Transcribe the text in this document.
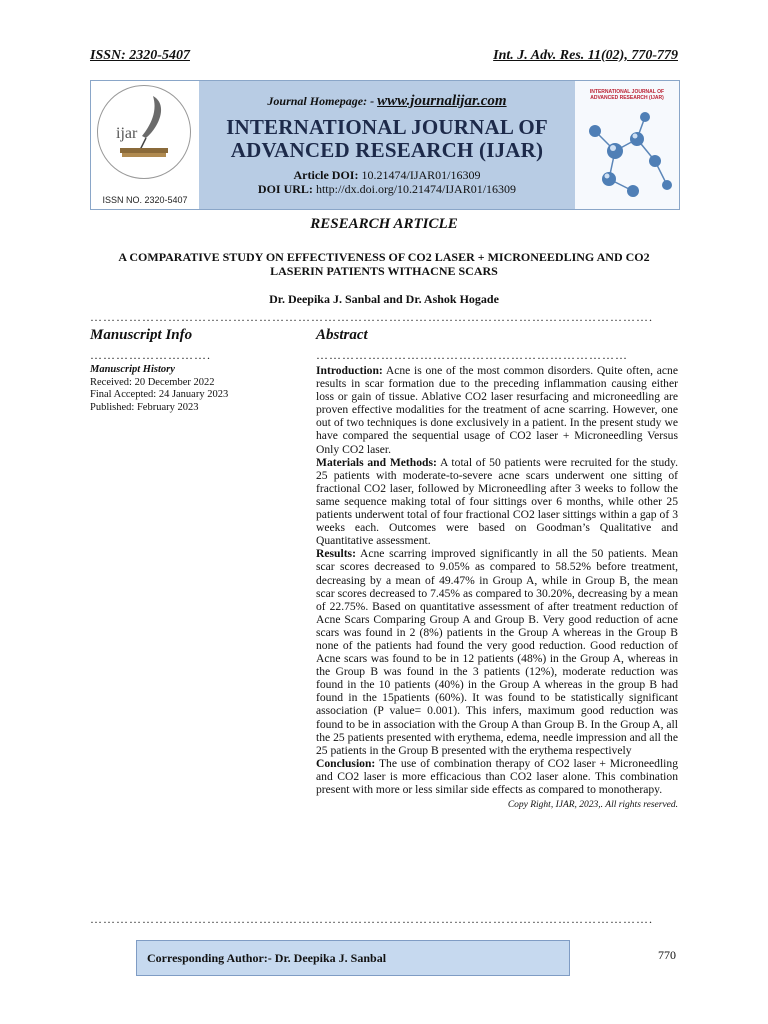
ISSN: 2320-5407	Int. J. Adv. Res. 11(02), 770-779
ijar
ISSN NO. 2320-5407
Journal Homepage: - www.journalijar.com
INTERNATIONAL JOURNAL OF
ADVANCED RESEARCH (IJAR)
Article DOI: 10.21474/IJAR01/16309
DOI URL: http://dx.doi.org/10.21474/IJAR01/16309
INTERNATIONAL JOURNAL OF ADVANCED RESEARCH (IJAR)
RESEARCH ARTICLE
A COMPARATIVE STUDY ON EFFECTIVENESS OF CO2 LASER + MICRONEEDLING AND CO2 LASERIN PATIENTS WITHACNE SCARS
Dr. Deepika J. Sanbal and Dr. Ashok Hogade
………………………………………………………………………………………………………………….
Manuscript Info
……………………….
Manuscript History
Received: 20 December 2022
Final Accepted: 24 January 2023
Published: February 2023
Abstract
………………………………………………………………

Introduction: Acne is one of the most common disorders. Quite often, acne results in scar formation due to the preceding inflammation causing either loss or gain of tissue. Ablative CO2 laser resurfacing and microneedling are proven effective modalities for the treatment of acne scarring. However, one out of two techniques is done exclusively in a patient. In the present study we have compared the sequential usage of CO2 laser + Microneedling Versus Only CO2 laser.

Materials and Methods: A total of 50 patients were recruited for the study. 25 patients with moderate-to-severe acne scars underwent one sitting of fractional CO2 laser, followed by Microneedling after 3 weeks to follow the same sequence making total of four sittings over 6 months, while other 25 patients underwent total of four fractional CO2 laser sittings within a gap of 3 weeks each. Outcomes were based on Goodman’s Qualitative and Quantitative assessment.

Results: Acne scarring improved significantly in all the 50 patients. Mean scar scores decreased to 9.05% as compared to 58.52% before treatment, decreasing by a mean of 49.47% in Group A, while in Group B, the mean scar scores decreased to 7.45% as compared to 30.20%, decreasing by a mean of 22.75%. Based on quantitative assessment of after treatment reduction of Acne Scars Comparing Group A and Group B. Very good reduction of acne scars was found in 2 (8%) patients in the Group A whereas in the Group B none of the patients had found the very good reduction. Good reduction of Acne scars was found to be in 12 patients (48%) in the Group A, whereas in the Group B was found in the 3 patients (12%), moderate reduction was found in the 10 patients (40%) in the Group A whereas in the group B had found in the 15patients (60%). It was found to be statistically significant association (P value= 0.001). This infers, maximum good reduction was found to be in association with the Group A than Group B. In the Group A, all the 25 patients presented with erythema, edema, needle impression and all the 25 patients in the Group B presented with the erythema respectively

Conclusion: The use of combination therapy of CO2 laser + Microneedling and CO2 laser is more efficacious than CO2 laser alone. This combination present with more or less similar side effects as compared to monotherapy.

Copy Right, IJAR, 2023,. All rights reserved.
………………………………………………………………………………………………………………….
Corresponding Author:- Dr. Deepika J. Sanbal	770
